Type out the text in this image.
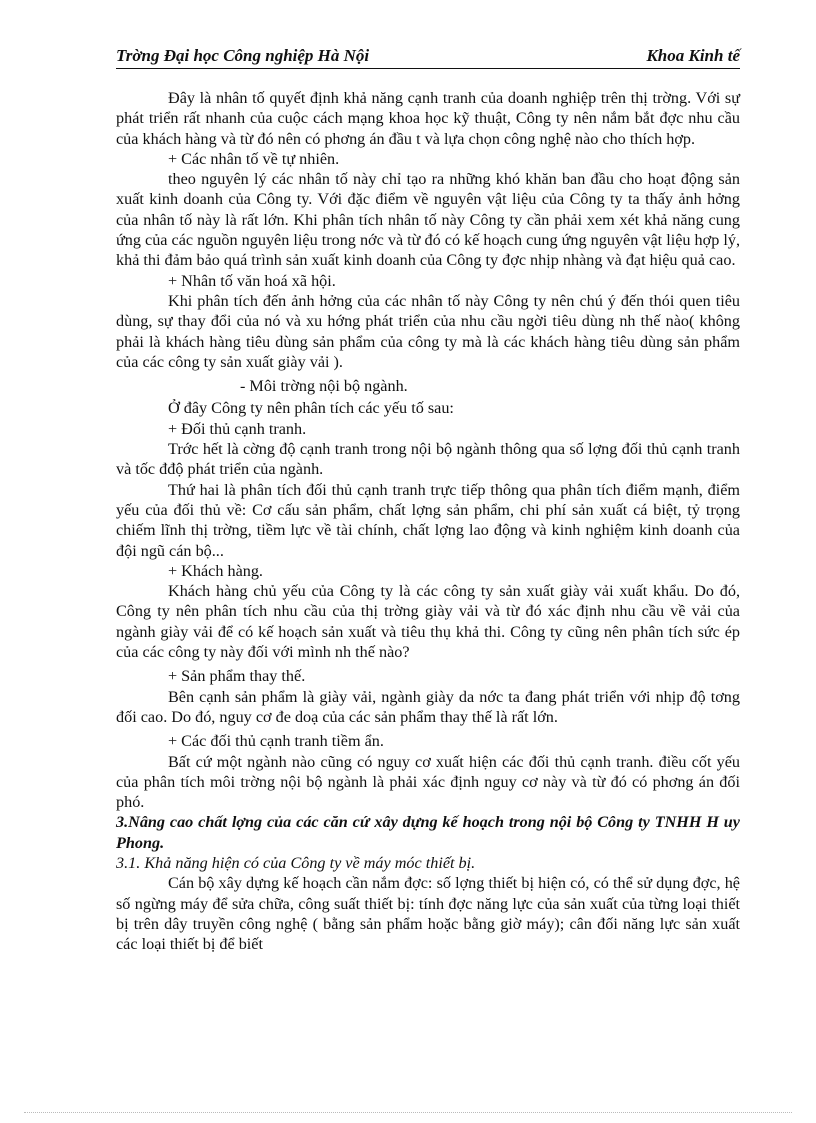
Trờng Đại học Công nghiệp Hà Nội	Khoa Kinh tế

Đây là nhân tố quyết định khả năng cạnh tranh của doanh nghiệp trên thị trờng. Với sự phát triển rất nhanh của cuộc cách mạng khoa học kỹ thuật, Công ty nên nắm bắt đợc nhu cầu của khách hàng và từ đó nên có phơng án đầu t và lựa chọn công nghệ nào cho thích hợp.

+ Các nhân tố về tự nhiên.

theo nguyên lý các nhân tố này chỉ tạo ra những khó khăn ban đầu cho hoạt động sản xuất kinh doanh của Công ty. Với đặc điểm về nguyên vật liệu của Công ty ta thấy ảnh hởng của nhân tố này là rất lớn. Khi phân tích nhân tố này Công ty cần phải xem xét khả năng cung ứng của các nguồn nguyên liệu trong nớc và từ đó có kế hoạch cung ứng nguyên vật liệu hợp lý, khả thi đảm bảo quá trình sản xuất kinh doanh của Công ty đợc nhịp nhàng và đạt hiệu quả cao.

+ Nhân tố văn hoá xã hội.

Khi phân tích đến ảnh hởng của các nhân tố này Công ty nên chú ý đến thói quen tiêu dùng, sự thay đổi của nó và xu hớng phát triển của nhu cầu ngời tiêu dùng nh thế nào( không phải là khách hàng tiêu dùng sản phẩm của công ty mà là các khách hàng tiêu dùng sản phẩm của các công ty sản xuất giày vải ).

- Môi trờng nội bộ ngành.

Ở đây Công ty nên phân tích các yếu tố sau:

+ Đối thủ cạnh tranh.

Trớc hết là cờng độ cạnh tranh trong nội bộ ngành thông qua số lợng đối thủ cạnh tranh và tốc đđộ phát triển của ngành.

Thứ hai là phân tích đối thủ cạnh tranh trực tiếp thông qua phân tích điểm mạnh, điểm yếu của đối thủ về: Cơ cấu sản phẩm, chất lợng sản phẩm, chi phí sản xuất cá biệt, tỷ trọng chiếm lĩnh thị trờng, tiềm lực về tài chính, chất lợng lao động và kinh nghiệm kinh doanh của đội ngũ cán bộ...

+ Khách hàng.

Khách hàng chủ yếu của Công ty là các công ty sản xuất giày vải xuất khẩu. Do đó, Công ty nên phân tích nhu cầu của thị trờng giày vải và từ đó xác định nhu cầu về vải của ngành giày vải để có kế hoạch sản xuất và tiêu thụ khả thi. Công ty cũng nên phân tích sức ép của các công ty này đối với mình nh thế nào?

+ Sản phẩm thay thế.

Bên cạnh sản phẩm là giày vải, ngành giày da nớc ta đang phát triển với nhịp độ tơng đối cao. Do đó, nguy cơ đe doạ của các sản phẩm thay thế là rất lớn.

+ Các đối thủ cạnh tranh tiềm ẩn.

Bất cứ một ngành nào cũng có nguy cơ xuất hiện các đối thủ cạnh tranh. điều cốt yếu của phân tích môi trờng nội bộ ngành là phải xác định nguy cơ này và từ đó có phơng án đối phó.

3.Nâng cao chất lợng của các căn cứ xây dựng kế hoạch trong nội bộ Công ty TNHH H uy Phong.

3.1. Khả năng hiện có của Công ty về máy móc thiết bị.

Cán bộ xây dựng kế hoạch cần nắm đợc: số lợng thiết bị hiện có, có thể sử dụng đợc, hệ số ngừng máy để sửa chữa, công suất thiết bị: tính đợc năng lực của sản xuất của từng loại thiết bị trên dây truyền công nghệ ( bằng sản phẩm hoặc bằng giờ máy); cân đối năng lực sản xuất các loại thiết bị để biết
